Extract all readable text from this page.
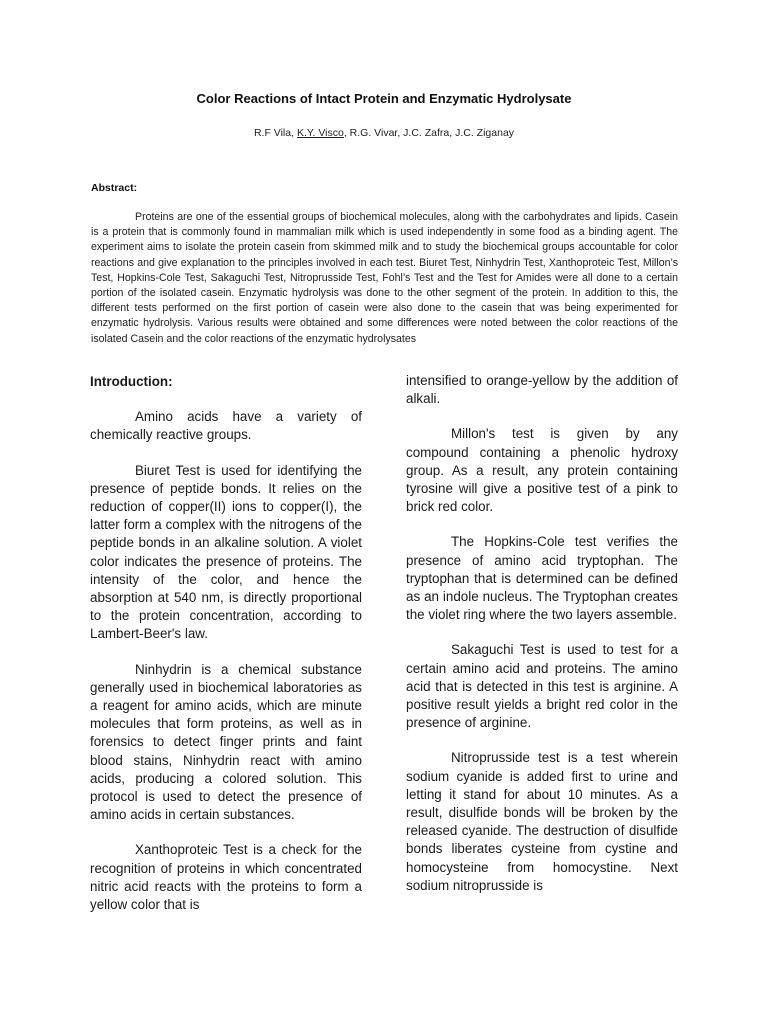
Color Reactions of Intact Protein and Enzymatic Hydrolysate
R.F Vila, K.Y. Visco, R.G. Vivar, J.C. Zafra, J.C. Ziganay
Abstract:

Proteins are one of the essential groups of biochemical molecules, along with the carbohydrates and lipids. Casein is a protein that is commonly found in mammalian milk which is used independently in some food as a binding agent. The experiment aims to isolate the protein casein from skimmed milk and to study the biochemical groups accountable for color reactions and give explanation to the principles involved in each test. Biuret Test, Ninhydrin Test, Xanthoproteic Test, Millon’s Test, Hopkins-Cole Test, Sakaguchi Test, Nitroprusside Test, Fohl’s Test and the Test for Amides were all done to a certain portion of the isolated casein. Enzymatic hydrolysis was done to the other segment of the protein. In addition to this, the different tests performed on the first portion of casein were also done to the casein that was being experimented for enzymatic hydrolysis. Various results were obtained and some differences were noted between the color reactions of the isolated Casein and the color reactions of the enzymatic hydrolysates

Introduction:

Amino acids have a variety of chemically reactive groups.

Biuret Test is used for identifying the presence of peptide bonds. It relies on the reduction of copper(II) ions to copper(I), the latter form a complex with the nitrogens of the peptide bonds in an alkaline solution. A violet color indicates the presence of proteins. The intensity of the color, and hence the absorption at 540 nm, is directly proportional to the protein concentration, according to Lambert-Beer's law.

Ninhydrin is a chemical substance generally used in biochemical laboratories as a reagent for amino acids, which are minute molecules that form proteins, as well as in forensics to detect finger prints and faint blood stains, Ninhydrin react with amino acids, producing a colored solution. This protocol is used to detect the presence of amino acids in certain substances.

Xanthoproteic Test is a check for the recognition of proteins in which concentrated nitric acid reacts with the proteins to form a yellow color that is

intensified to orange-yellow by the addition of alkali.

Millon's test is given by any compound containing a phenolic hydroxy group. As a result, any protein containing tyrosine will give a positive test of a pink to brick red color.

The Hopkins-Cole test verifies the presence of amino acid tryptophan. The tryptophan that is determined can be defined as an indole nucleus. The Tryptophan creates the violet ring where the two layers assemble.

Sakaguchi Test is used to test for a certain amino acid and proteins. The amino acid that is detected in this test is arginine. A positive result yields a bright red color in the presence of arginine.

Nitroprusside test is a test wherein sodium cyanide is added first to urine and letting it stand for about 10 minutes. As a result, disulfide bonds will be broken by the released cyanide. The destruction of disulfide bonds liberates cysteine from cystine and homocysteine from homocystine. Next sodium nitroprusside is
